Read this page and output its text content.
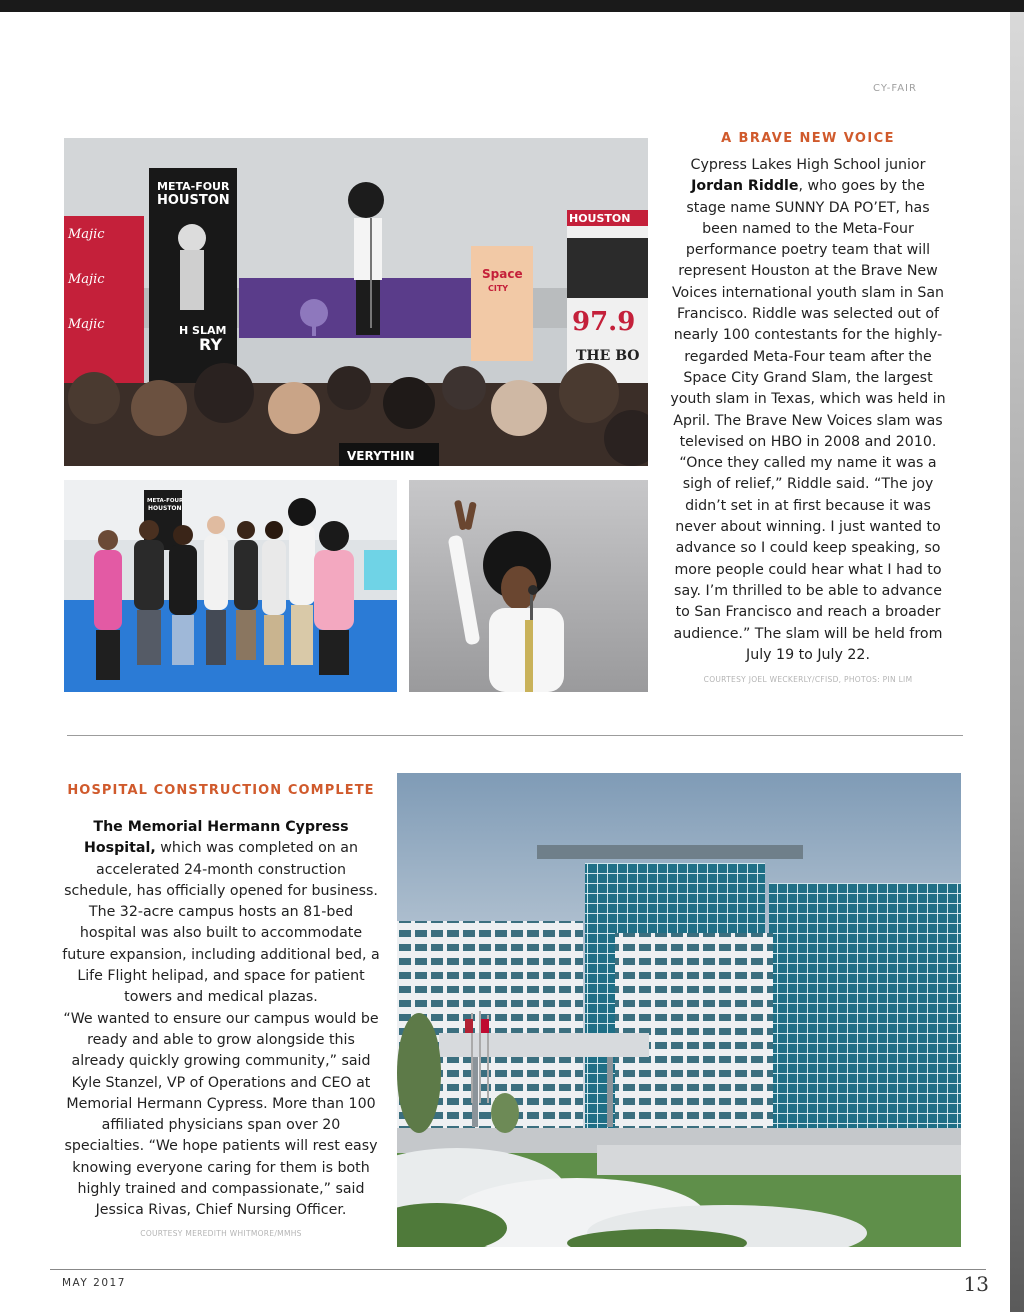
CY-FAIR
Majic
Majic
Majic
META-FOUR
HOUSTON
H SLAM
RY
Space
CITY
HOUSTON
97.9
THE BO
VERYTHIN
META-FOUR
HOUSTON
A BRAVE NEW VOICE

Cypress Lakes High School junior Jordan Riddle, who goes by the stage name SUNNY DA PO’ET, has been named to the Meta-Four performance poetry team that will represent Houston at the Brave New Voices international youth slam in San Francisco. Riddle was selected out of nearly 100 contestants for the highly-regarded Meta-Four team after the Space City Grand Slam, the largest youth slam in Texas, which was held in April. The Brave New Voices slam was televised on HBO in 2008 and 2010.

“Once they called my name it was a sigh of relief,” Riddle said. “The joy didn’t set in at first because it was never about winning. I just wanted to advance so I could keep speaking, so more people could hear what I had to say. I’m thrilled to be able to advance to San Francisco and reach a broader audience.” The slam will be held from July 19 to July 22.

COURTESY JOEL WECKERLY/CFISD, PHOTOS: PIN LIM
HOSPITAL CONSTRUCTION COMPLETE

The Memorial Hermann Cypress Hospital, which was completed on an accelerated 24-month construction schedule, has officially opened for business. The 32-acre campus hosts an 81-bed hospital was also built to accommodate future expansion, including additional bed, a Life Flight helipad, and space for patient towers and medical plazas.

“We wanted to ensure our campus would be ready and able to grow alongside this already quickly growing community,” said Kyle Stanzel, VP of Operations and CEO at Memorial Hermann Cypress. More than 100 affiliated physicians span over 20 specialties. “We hope patients will rest easy knowing everyone caring for them is both highly trained and compassionate,” said Jessica Rivas, Chief Nursing Officer.

COURTESY MEREDITH WHITMORE/MMHS
MAY 2017	13
